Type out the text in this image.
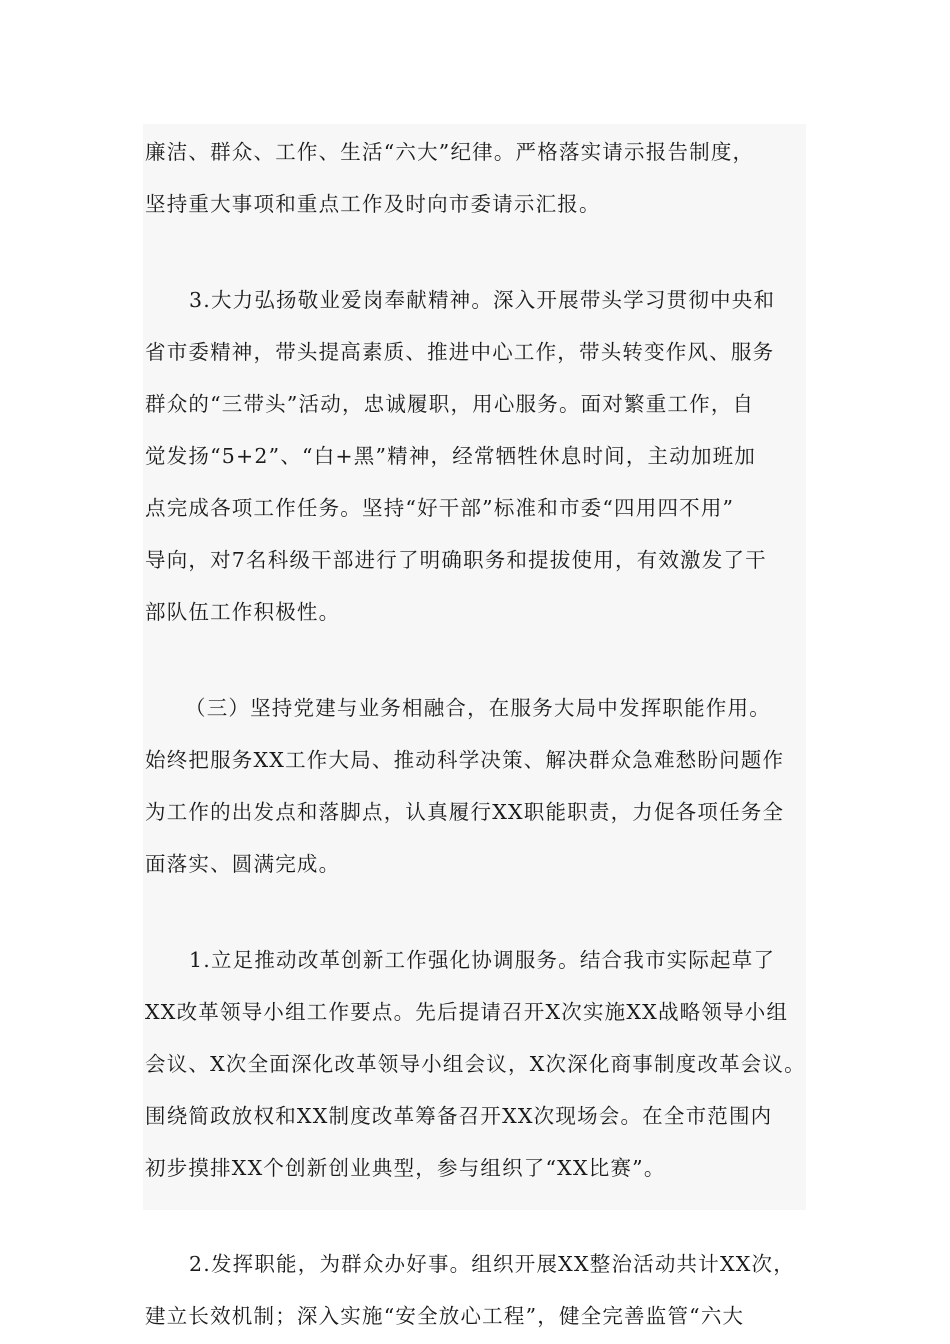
廉洁、群众、工作、生活“六大”纪律。严格落实请示报告制度，
坚持重大事项和重点工作及时向市委请示汇报。
3.大力弘扬敬业爱岗奉献精神。深入开展带头学习贯彻中央和
省市委精神，带头提高素质、推进中心工作，带头转变作风、服务
群众的“三带头”活动，忠诚履职，用心服务。面对繁重工作，自
觉发扬“5+2”、“白+黑”精神，经常牺牲休息时间，主动加班加
点完成各项工作任务。坚持“好干部”标准和市委“四用四不用”
导向，对7名科级干部进行了明确职务和提拔使用，有效激发了干
部队伍工作积极性。
（三）坚持党建与业务相融合，在服务大局中发挥职能作用。
始终把服务XX工作大局、推动科学决策、解决群众急难愁盼问题作
为工作的出发点和落脚点，认真履行XX职能职责，力促各项任务全
面落实、圆满完成。
1.立足推动改革创新工作强化协调服务。结合我市实际起草了
XX改革领导小组工作要点。先后提请召开X次实施XX战略领导小组
会议、X次全面深化改革领导小组会议，X次深化商事制度改革会议。
围绕简政放权和XX制度改革筹备召开XX次现场会。在全市范围内
初步摸排XX个创新创业典型，参与组织了“XX比赛”。
2.发挥职能，为群众办好事。组织开展XX整治活动共计XX次，
建立长效机制；深入实施“安全放心工程”，健全完善监管“六大
